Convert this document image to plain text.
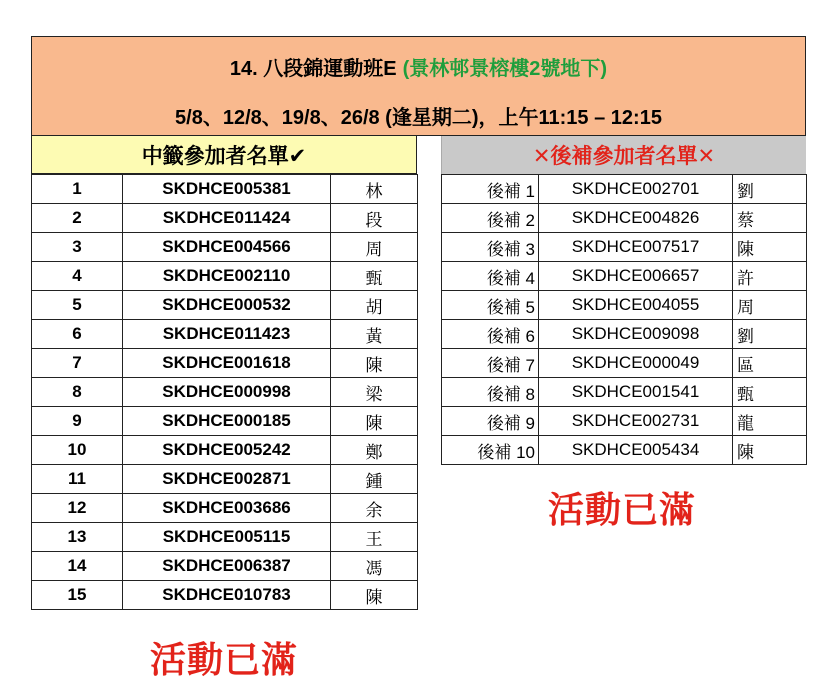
14. 八段錦運動班E (景林邨景榕樓2號地下)
5/8、12/8、19/8、26/8 (逢星期二)，上午11:15 – 12:15
中籤參加者名單✔	✕後補參加者名單✕
1	SKDHCE005381	林
2	SKDHCE011424	段
3	SKDHCE004566	周
4	SKDHCE002110	甄
5	SKDHCE000532	胡
6	SKDHCE011423	黃
7	SKDHCE001618	陳
8	SKDHCE000998	梁
9	SKDHCE000185	陳
10	SKDHCE005242	鄭
11	SKDHCE002871	鍾
12	SKDHCE003686	余
13	SKDHCE005115	王
14	SKDHCE006387	馮
15	SKDHCE010783	陳
後補 1	SKDHCE002701	劉
後補 2	SKDHCE004826	蔡
後補 3	SKDHCE007517	陳
後補 4	SKDHCE006657	許
後補 5	SKDHCE004055	周
後補 6	SKDHCE009098	劉
後補 7	SKDHCE000049	區
後補 8	SKDHCE001541	甄
後補 9	SKDHCE002731	龍
後補 10	SKDHCE005434	陳
活動已滿
活動已滿
